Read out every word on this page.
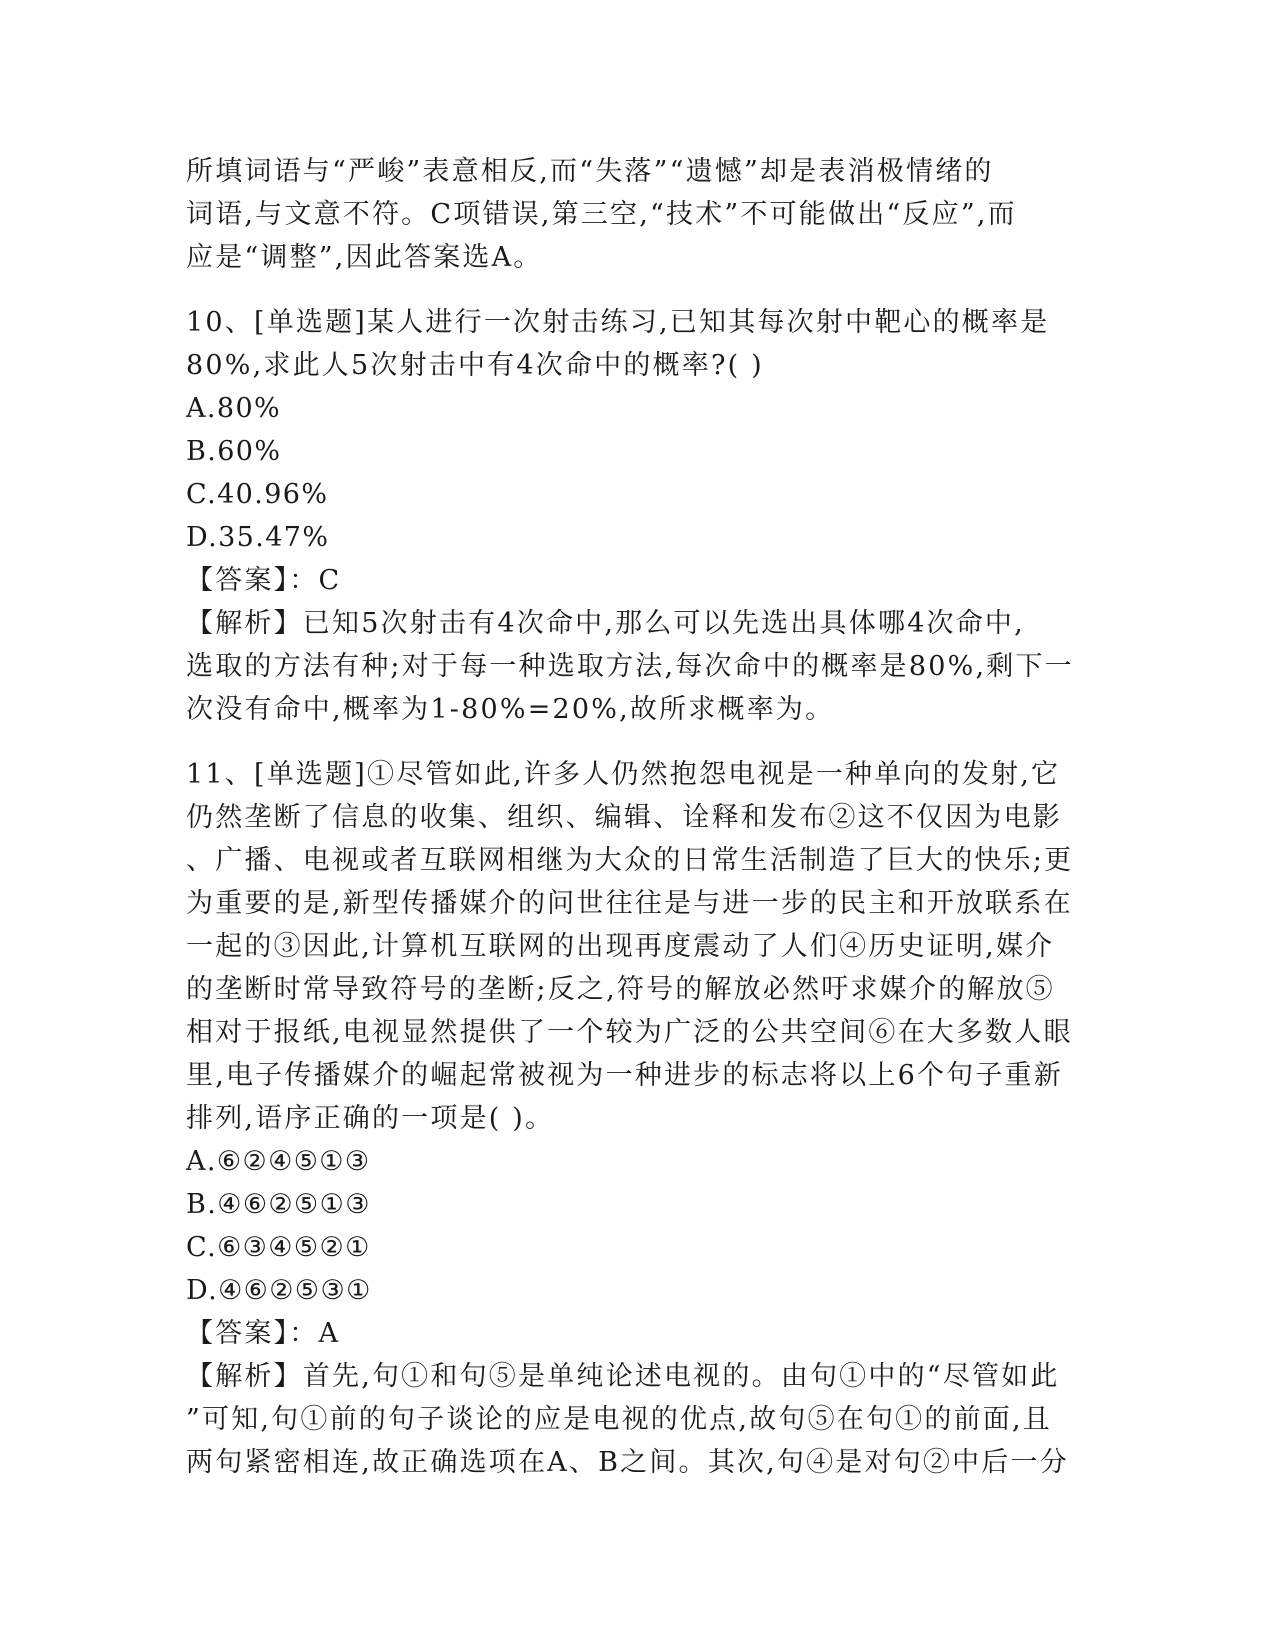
所填词语与“严峻”表意相反,而“失落”“遗憾”却是表消极情绪的
词语,与文意不符。C项错误,第三空,“技术”不可能做出“反应”,而
应是“调整”,因此答案选A。
10、[单选题]某人进行一次射击练习,已知其每次射中靶心的概率是
80%,求此人5次射击中有4次命中的概率?( )
A.80%
B.60%
C.40.96%
D.35.47%
【答案】：C
【解析】已知5次射击有4次命中,那么可以先选出具体哪4次命中,
选取的方法有种;对于每一种选取方法,每次命中的概率是80%,剩下一
次没有命中,概率为1-80%=20%,故所求概率为。
11、[单选题]①尽管如此,许多人仍然抱怨电视是一种单向的发射,它
仍然垄断了信息的收集、组织、编辑、诠释和发布②这不仅因为电影
、广播、电视或者互联网相继为大众的日常生活制造了巨大的快乐;更
为重要的是,新型传播媒介的问世往往是与进一步的民主和开放联系在
一起的③因此,计算机互联网的出现再度震动了人们④历史证明,媒介
的垄断时常导致符号的垄断;反之,符号的解放必然吁求媒介的解放⑤
相对于报纸,电视显然提供了一个较为广泛的公共空间⑥在大多数人眼
里,电子传播媒介的崛起常被视为一种进步的标志将以上6个句子重新
排列,语序正确的一项是( )。
A.⑥②④⑤①③
B.④⑥②⑤①③
C.⑥③④⑤②①
D.④⑥②⑤③①
【答案】：A
【解析】首先,句①和句⑤是单纯论述电视的。由句①中的“尽管如此
”可知,句①前的句子谈论的应是电视的优点,故句⑤在句①的前面,且
两句紧密相连,故正确选项在A、B之间。其次,句④是对句②中后一分
